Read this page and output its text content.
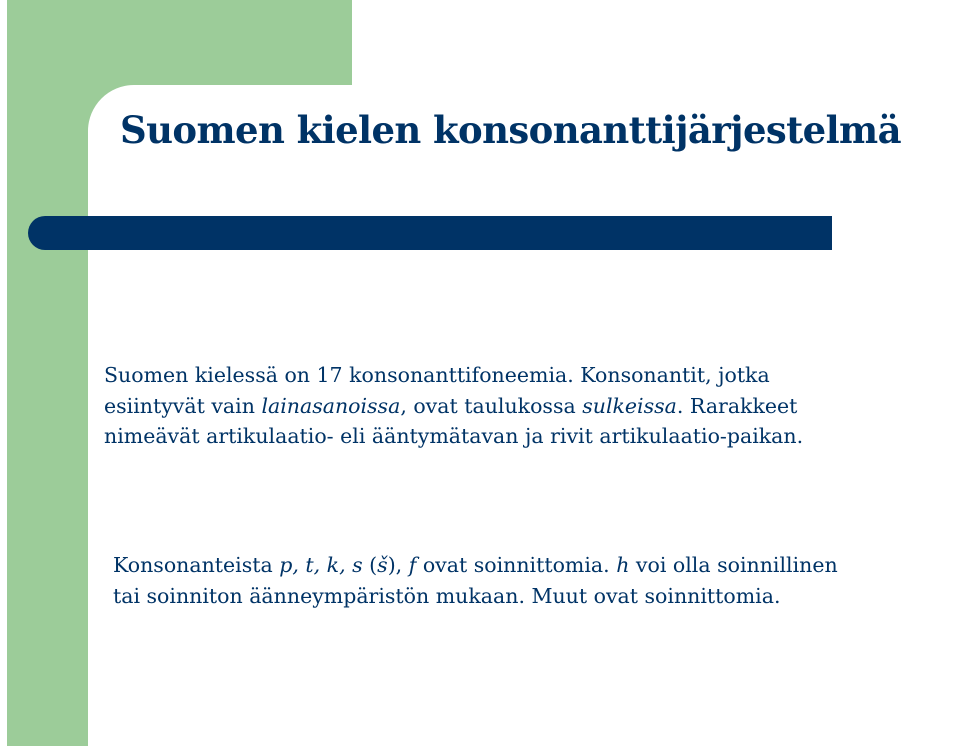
Suomen kielen konsonanttijärjestelmä

Suomen kielessä on 17 konsonanttifoneemia. Konsonantit, jotka
esiintyvät vain lainasanoissa, ovat taulukossa sulkeissa. Rarakkeet
nimeävät artikulaatio- eli ääntymätavan ja rivit artikulaatio-paikan.

Konsonanteista p, t, k, s (š), f ovat soinnittomia. h voi olla soinnillinen
tai soinniton äänneympäristön mukaan. Muut ovat soinnittomia.
